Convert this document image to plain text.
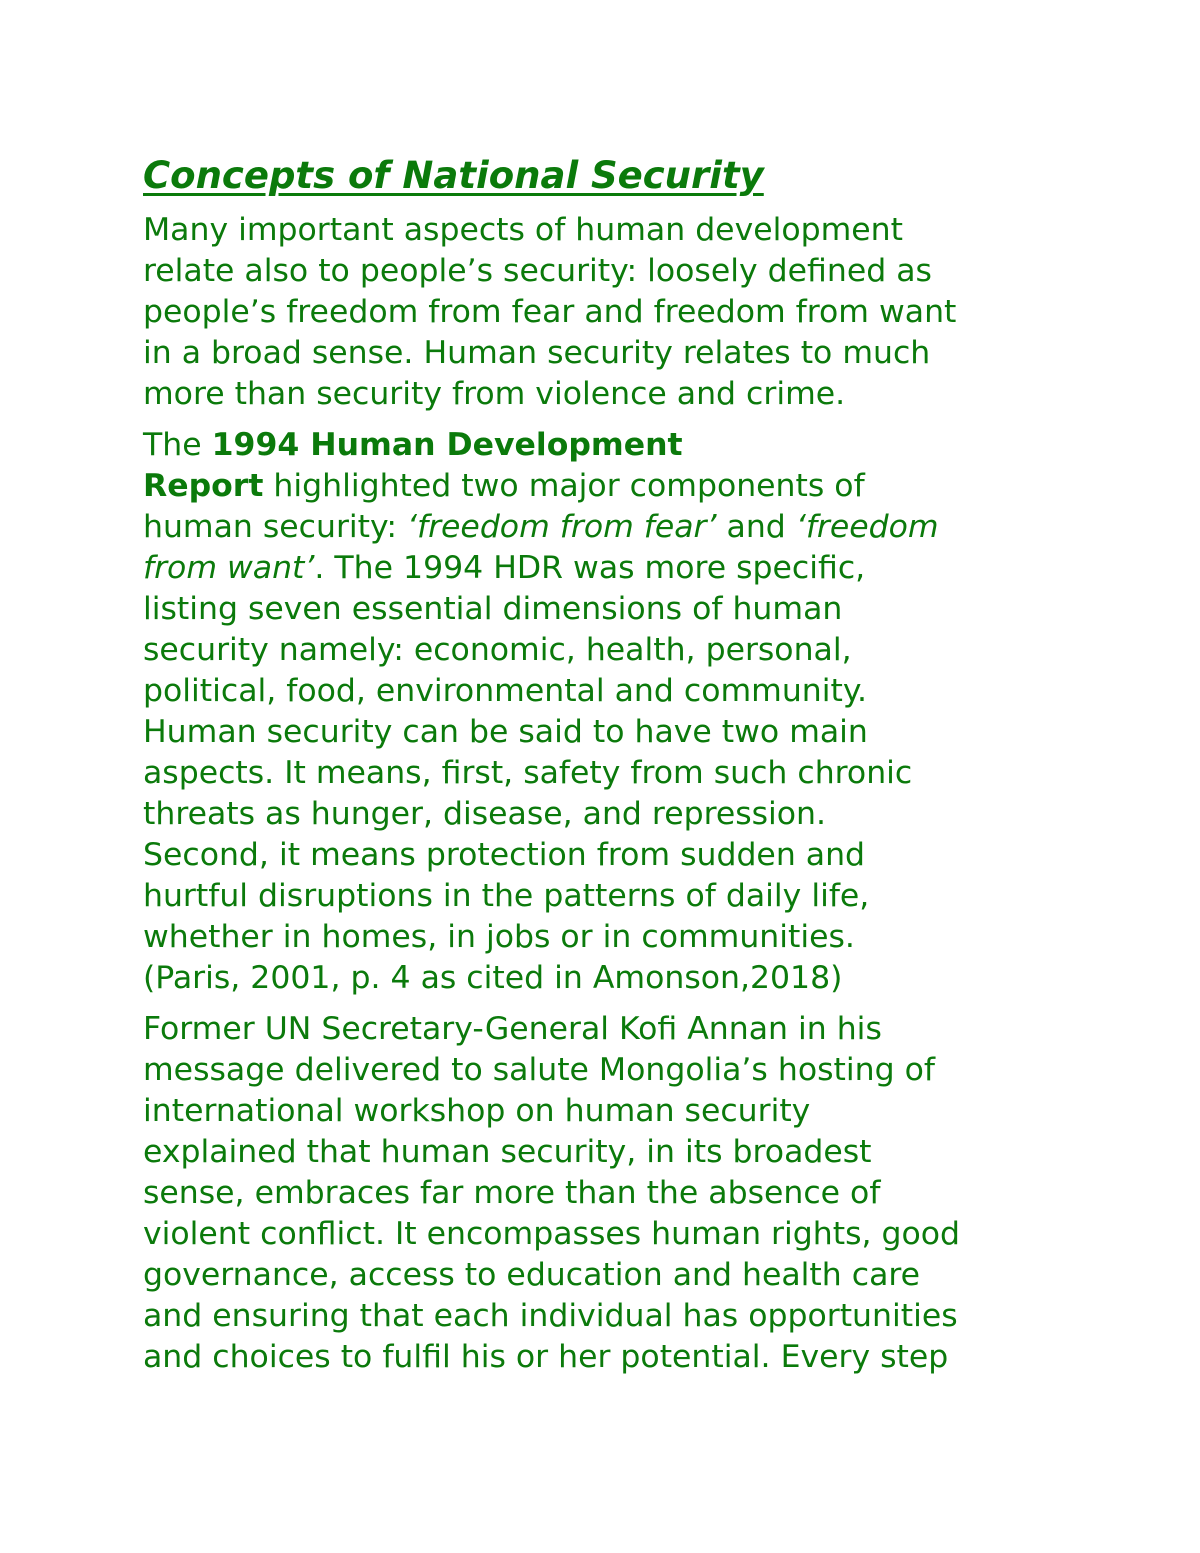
Concepts of National Security
Many important aspects of human development
relate also to people’s security: loosely defined as
people’s freedom from fear and freedom from want
in a broad sense. Human security relates to much
more than security from violence and crime.
The 1994 Human Development
Report highlighted two major components of
human security: ‘freedom from fear’ and ‘freedom
from want’. The 1994 HDR was more specific,
listing seven essential dimensions of human
security namely: economic, health, personal,
political, food, environmental and community.
Human security can be said to have two main
aspects. It means, first, safety from such chronic
threats as hunger, disease, and repression.
Second, it means protection from sudden and
hurtful disruptions in the patterns of daily life,
whether in homes, in jobs or in communities.
(Paris, 2001, p. 4 as cited in Amonson,2018)
Former UN Secretary-General Kofi Annan in his
message delivered to salute Mongolia’s hosting of
international workshop on human security
explained that human security, in its broadest
sense, embraces far more than the absence of
violent conflict. It encompasses human rights, good
governance, access to education and health care
and ensuring that each individual has opportunities
and choices to fulfil his or her potential. Every step
